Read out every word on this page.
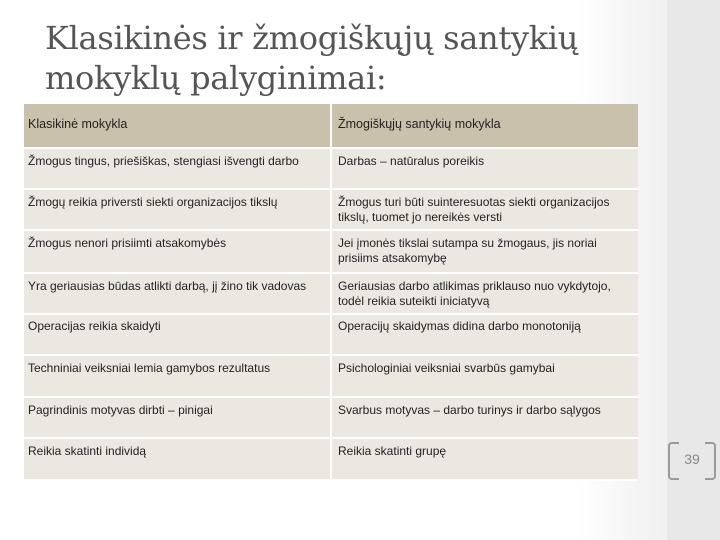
Klasikinės ir žmogiškųjų santykių mokyklų palyginimai:
Klasikinė mokykla	Žmogiškųjų santykių mokykla
Žmogus tingus, priešiškas, stengiasi išvengti darbo	Darbas – natūralus poreikis
Žmogų reikia priversti siekti organizacijos tikslų	Žmogus turi būti suinteresuotas siekti organizacijos tikslų, tuomet jo nereikės versti
Žmogus nenori prisiimti atsakomybės	Jei įmonės tikslai sutampa su žmogaus, jis noriai prisiims atsakomybę
Yra geriausias būdas atlikti darbą, jį žino tik vadovas	Geriausias darbo atlikimas priklauso nuo vykdytojo, todėl reikia suteikti iniciatyvą
Operacijas reikia skaidyti	Operacijų skaidymas didina darbo monotoniją
Techniniai veiksniai lemia gamybos rezultatus	Psichologiniai veiksniai svarbūs gamybai
Pagrindinis motyvas dirbti – pinigai	Svarbus motyvas – darbo turinys ir darbo sąlygos
Reikia skatinti individą	Reikia skatinti grupę	39
